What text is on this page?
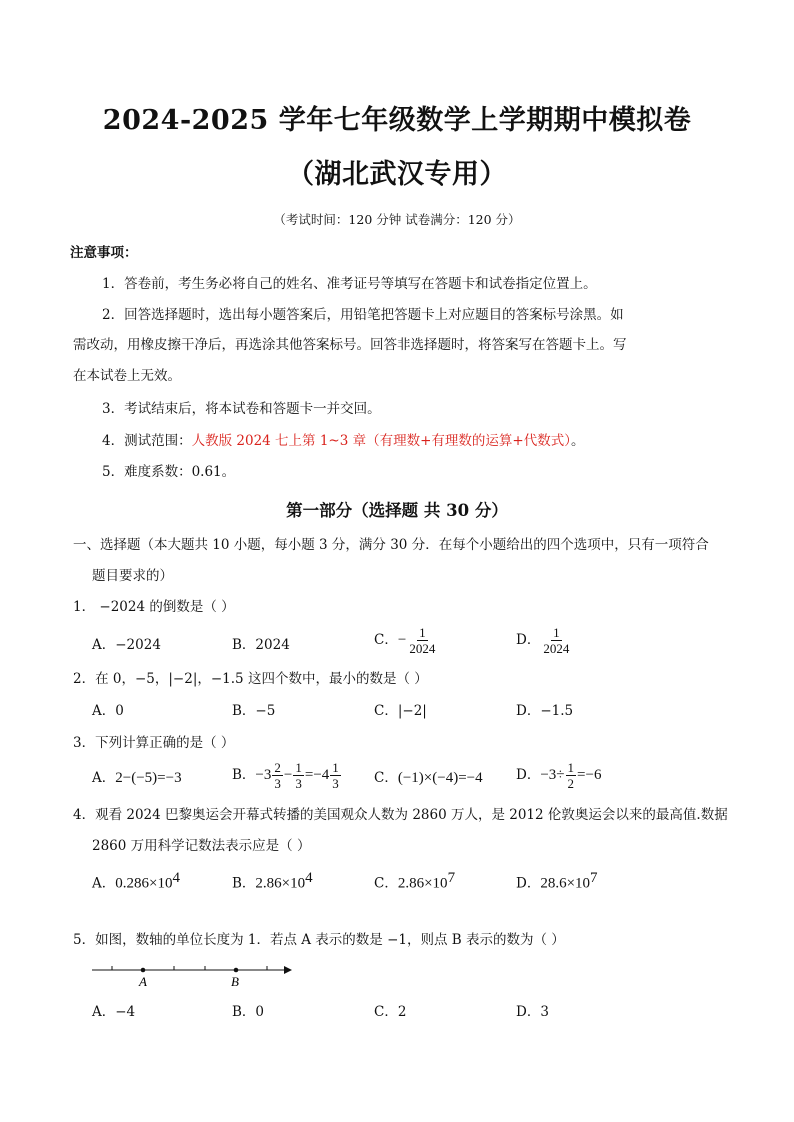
2024-2025 学年七年级数学上学期期中模拟卷
（湖北武汉专用）
（考试时间：120 分钟 试卷满分：120 分）
注意事项：
1．答卷前，考生务必将自己的姓名、准考证号等填写在答题卡和试卷指定位置上。
2．回答选择题时，选出每小题答案后，用铅笔把答题卡上对应题目的答案标号涂黑。如
需改动，用橡皮擦干净后，再选涂其他答案标号。回答非选择题时，将答案写在答题卡上。写
在本试卷上无效。
3．考试结束后，将本试卷和答题卡一并交回。
4．测试范围：人教版 2024 七上第 1~3 章（有理数+有理数的运算+代数式）。
5．难度系数：0.61。
第一部分（选择题 共 30 分）
一、选择题（本大题共 10 小题，每小题 3 分，满分 30 分．在每个小题给出的四个选项中，只有一项符合
题目要求的）
1． −2024 的倒数是（ ）
A．−2024	B．2024	C．− $\frac{1}{2024}$	D． $\frac{1}{2024}$
2．在 0，−5，|−2|，−1.5 这四个数中，最小的数是（ ）
A．0	B．−5	C．|−2|	D．−1.5
3．下列计算正确的是（ ）
A．2−(−5)=−3	B．$-3 \frac{2}{3} - \frac{1}{3} =-4 \frac{1}{3}$ C．(−1)×(−4)=−4 D．$-3\div \frac{1}{2} =-6$
4．观看 2024 巴黎奥运会开幕式转播的美国观众人数为 2860 万人，是 2012 伦敦奥运会以来的最高值.数据
2860 万用科学记数法表示应是（ ）
A．$0.286\times 10^4$	B．$2.86\times 10^4$	C．$2.86\times 10^7$	D．$28.6\times 10^7$
5．如图，数轴的单位长度为 1．若点 A 表示的数是 −1，则点 B 表示的数为（ ）
A	B
A．−4	B．0	C．2	D．3
